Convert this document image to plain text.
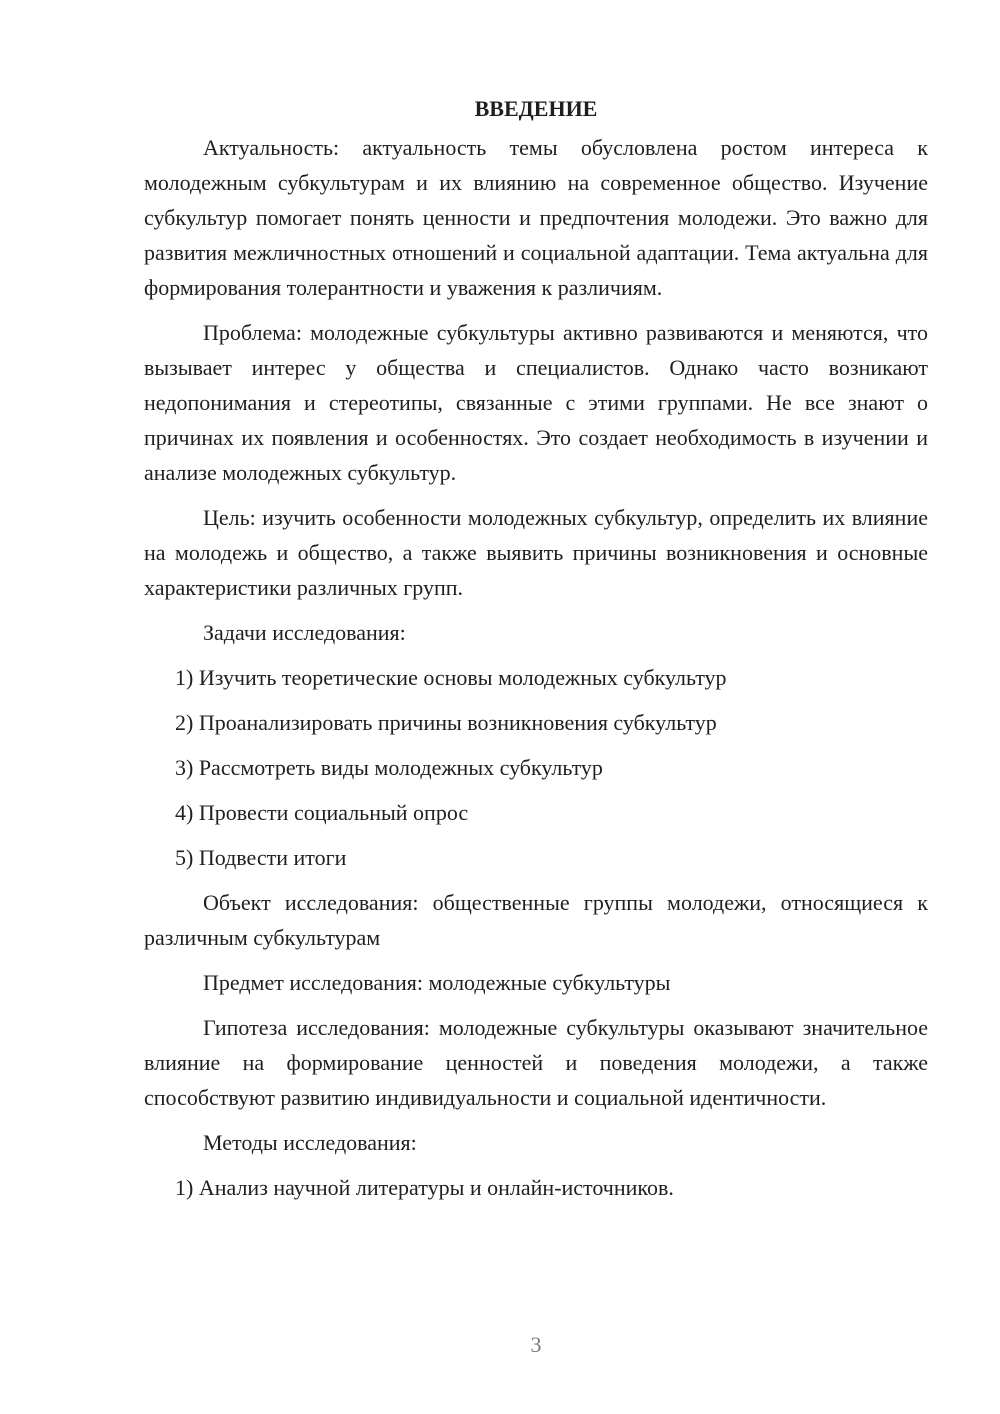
ВВЕДЕНИЕ

Актуальность: актуальность темы обусловлена ростом интереса к молодежным субкультурам и их влиянию на современное общество. Изучение субкультур помогает понять ценности и предпочтения молодежи. Это важно для развития межличностных отношений и социальной адаптации. Тема актуальна для формирования толерантности и уважения к различиям.

Проблема: молодежные субкультуры активно развиваются и меняются, что вызывает интерес у общества и специалистов. Однако часто возникают недопонимания и стереотипы, связанные с этими группами. Не все знают о причинах их появления и особенностях. Это создает необходимость в изучении и анализе молодежных субкультур.

Цель: изучить особенности молодежных субкультур, определить их влияние на молодежь и общество, а также выявить причины возникновения и основные характеристики различных групп.

Задачи исследования:
1) Изучить теоретические основы молодежных субкультур
2) Проанализировать причины возникновения субкультур
3) Рассмотреть виды молодежных субкультур
4) Провести социальный опрос
5) Подвести итоги

Объект исследования: общественные группы молодежи, относящиеся к различным субкультурам

Предмет исследования: молодежные субкультуры

Гипотеза исследования: молодежные субкультуры оказывают значительное влияние на формирование ценностей и поведения молодежи, а также способствуют развитию индивидуальности и социальной идентичности.

Методы исследования:
1) Анализ научной литературы и онлайн-источников.
3
